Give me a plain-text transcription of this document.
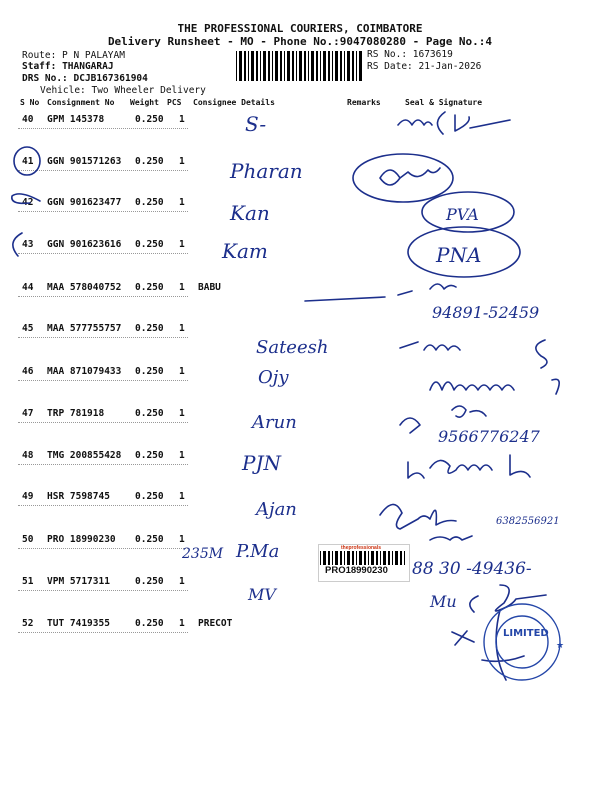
THE PROFESSIONAL COURIERS, COIMBATORE
Delivery Runsheet - MO - Phone No.:9047080280 - Page No.:4
Route: P N PALAYAM
Staff: THANGARAJ
DRS No.: DCJB167361904
Vehicle: Two Wheeler Delivery
RS No.: 1673619
RS Date: 21-Jan-2026
S No Consignment No Weight PCS Consignee Details	Remarks	Seal & Signature
40 GPM 145378	0.250 1
41 GGN 901571263 0.250 1
42 GGN 901623477 0.250 1
43 GGN 901623616 0.250 1
44 MAA 578040752 0.250 1 BABU
45 MAA 577755757 0.250 1
46 MAA 871079433 0.250 1
47 TRP 781918	0.250 1
48 TMG 200855428 0.250 1
49 HSR 7598745	0.250 1
50 PRO 18990230 0.250 1
51 VPM 5717311	0.250 1
52 TUT 7419355	0.250 1 PRECOT
S-
Pharan
Kan
Kam
Sateesh
Ojy
Arun
PJN
Ajan
235M P.Ma
MV
PVA
PNA
94891-52459
9566776247
6382556921
88 30 -49436-
Mu
LIMITED
★
theprofessionals
PRO18990230
